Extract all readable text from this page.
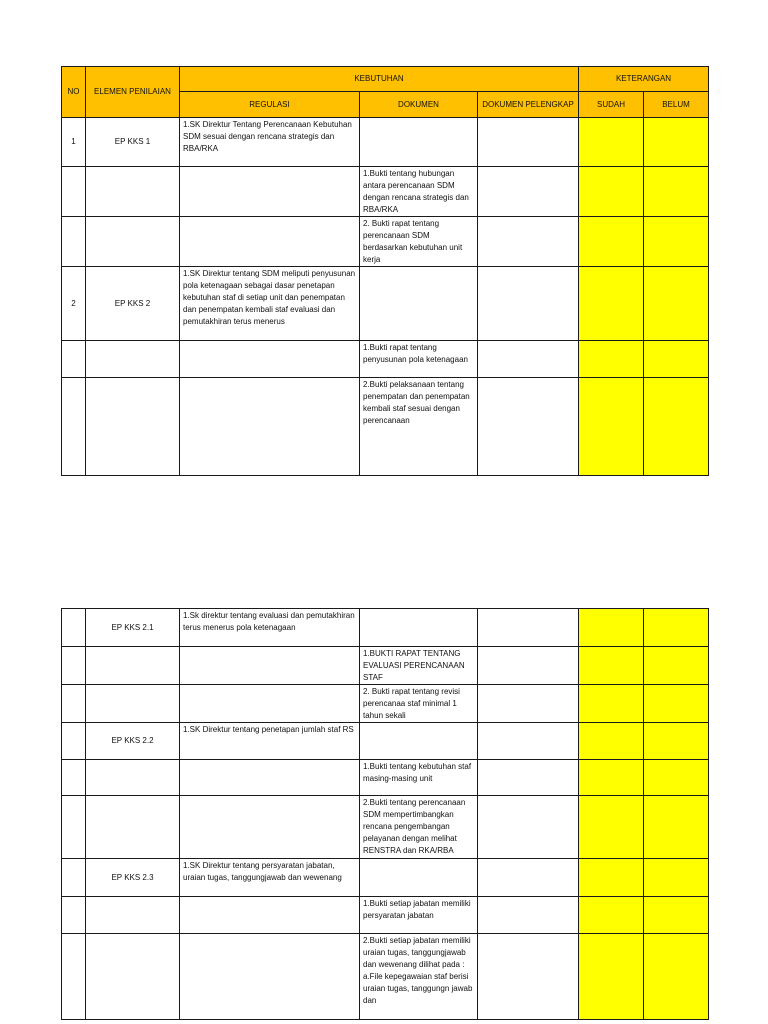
NO	ELEMEN PENILAIAN	KEBUTUHAN			KETERANGAN	
		REGULASI	DOKUMEN	DOKUMEN PELENGKAP	SUDAH	BELUM
1	EP KKS 1	1.SK Direktur Tentang Perencanaan Kebutuhan SDM sesuai dengan rencana strategis dan RBA/RKA				
			1.Bukti tentang hubungan antara perencanaan SDM dengan rencana strategis dan RBA/RKA			
			2. Bukti rapat tentang perencanaan SDM berdasarkan kebutuhan unit kerja			
2	EP KKS 2	1.SK Direktur tentang SDM meliputi penyusunan pola ketenagaan sebagai dasar penetapan kebutuhan staf di setiap unit dan penempatan dan penempatan kembali staf evaluasi dan pemutakhiran terus menerus				
			1.Bukti rapat tentang penyusunan pola ketenagaan			
			2.Bukti pelaksanaan tentang penempatan dan penempatan kembali staf sesuai dengan perencanaan			
	EP KKS 2.1	1.Sk direktur tentang evaluasi dan pemutakhiran terus menerus pola ketenagaan				
			1.BUKTI RAPAT TENTANG EVALUASI PERENCANAAN STAF			
			2. Bukti rapat tentang revisi perencanaa staf minimal 1 tahun sekali			
	EP KKS 2.2	1.SK Direktur tentang penetapan jumlah staf RS				
			1.Bukti tentang kebutuhan staf masing-masing unit			
			2.Bukti tentang perencanaan SDM mempertimbangkan rencana pengembangan pelayanan dengan melihat RENSTRA dan RKA/RBA			
	EP KKS 2.3	1.SK Direktur tentang persyaratan jabatan, uraian tugas, tanggungjawab dan wewenang				
			1.Bukti setiap jabatan memiliki persyaratan jabatan			
			2.Bukti setiap jabatan memiliki uraian tugas, tanggungjawab dan wewenang dilihat pada : a.File kepegawaian staf berisi uraian tugas, tanggungn jawab dan			
